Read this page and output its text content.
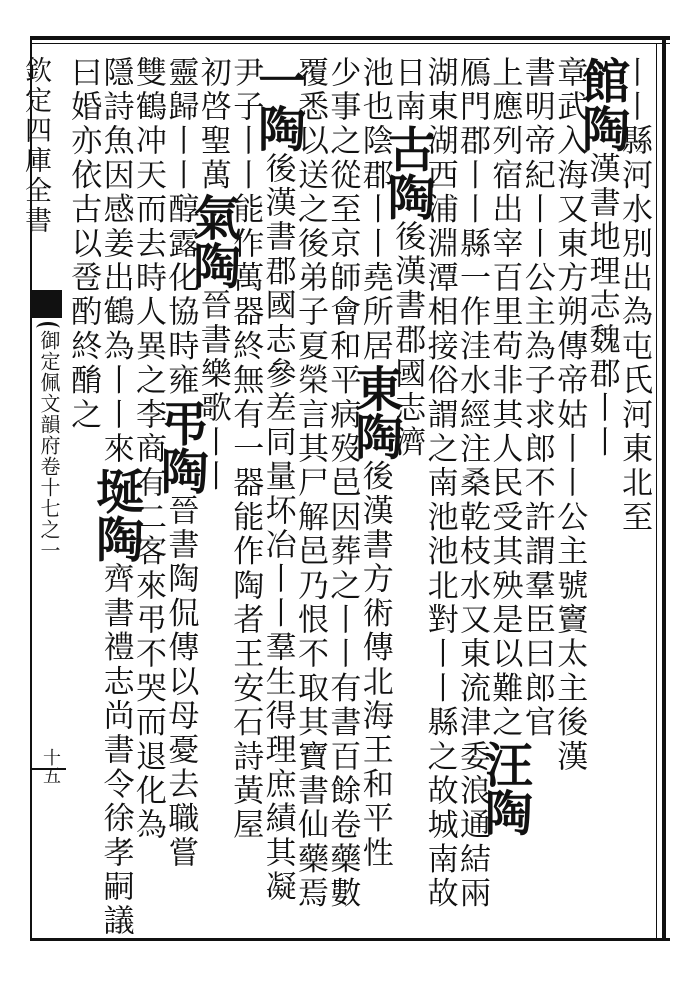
欽定四庫全書
御定佩文韻府卷十七之一
十五
丨丨縣河水別出為屯氏河東北至
館陶漢書地理志魏郡丨丨
章武入海又東方朔傳帝姑丨丨公主號竇太主後漢
書明帝紀丨丨公主為子求郎不許謂羣臣曰郎官
上應列宿出宰百里苟非其人民受其殃是以難之汪陶
鴈門郡丨丨縣一作洼水經注桑乾枝水又東流津委浪通結兩
湖東湖西浦淵潭相接俗謂之南池池北對丨丨縣之故城南故
日南古陶後漢書郡國志濟
池也陰郡丨丨堯所居東陶後漢書方術傳北海王和平性
少事之從至京師會和平病歿邑因葬之丨丨有書百餘卷藥數
覆悉以送之後弟子夏榮言其尸解邑乃恨不取其寶書仙藥焉
一陶後漢書郡國志參差同量坏冶丨丨羣生得理庶績其凝
尹子丨丨能作萬器終無有一器能作陶者王安石詩黃屋
初啓聖萬氣陶晉書樂歌丨丨
靈歸丨丨醇露化協時雍弔陶晉書陶侃傳以母憂去職嘗
雙鶴冲天而去時人異之李商有二客來弔不哭而退化為
隱詩魚因感姜出鶴為丨丨來埏陶齊書禮志尚書令徐孝嗣議
曰婚亦依古以卺酌終酳之
